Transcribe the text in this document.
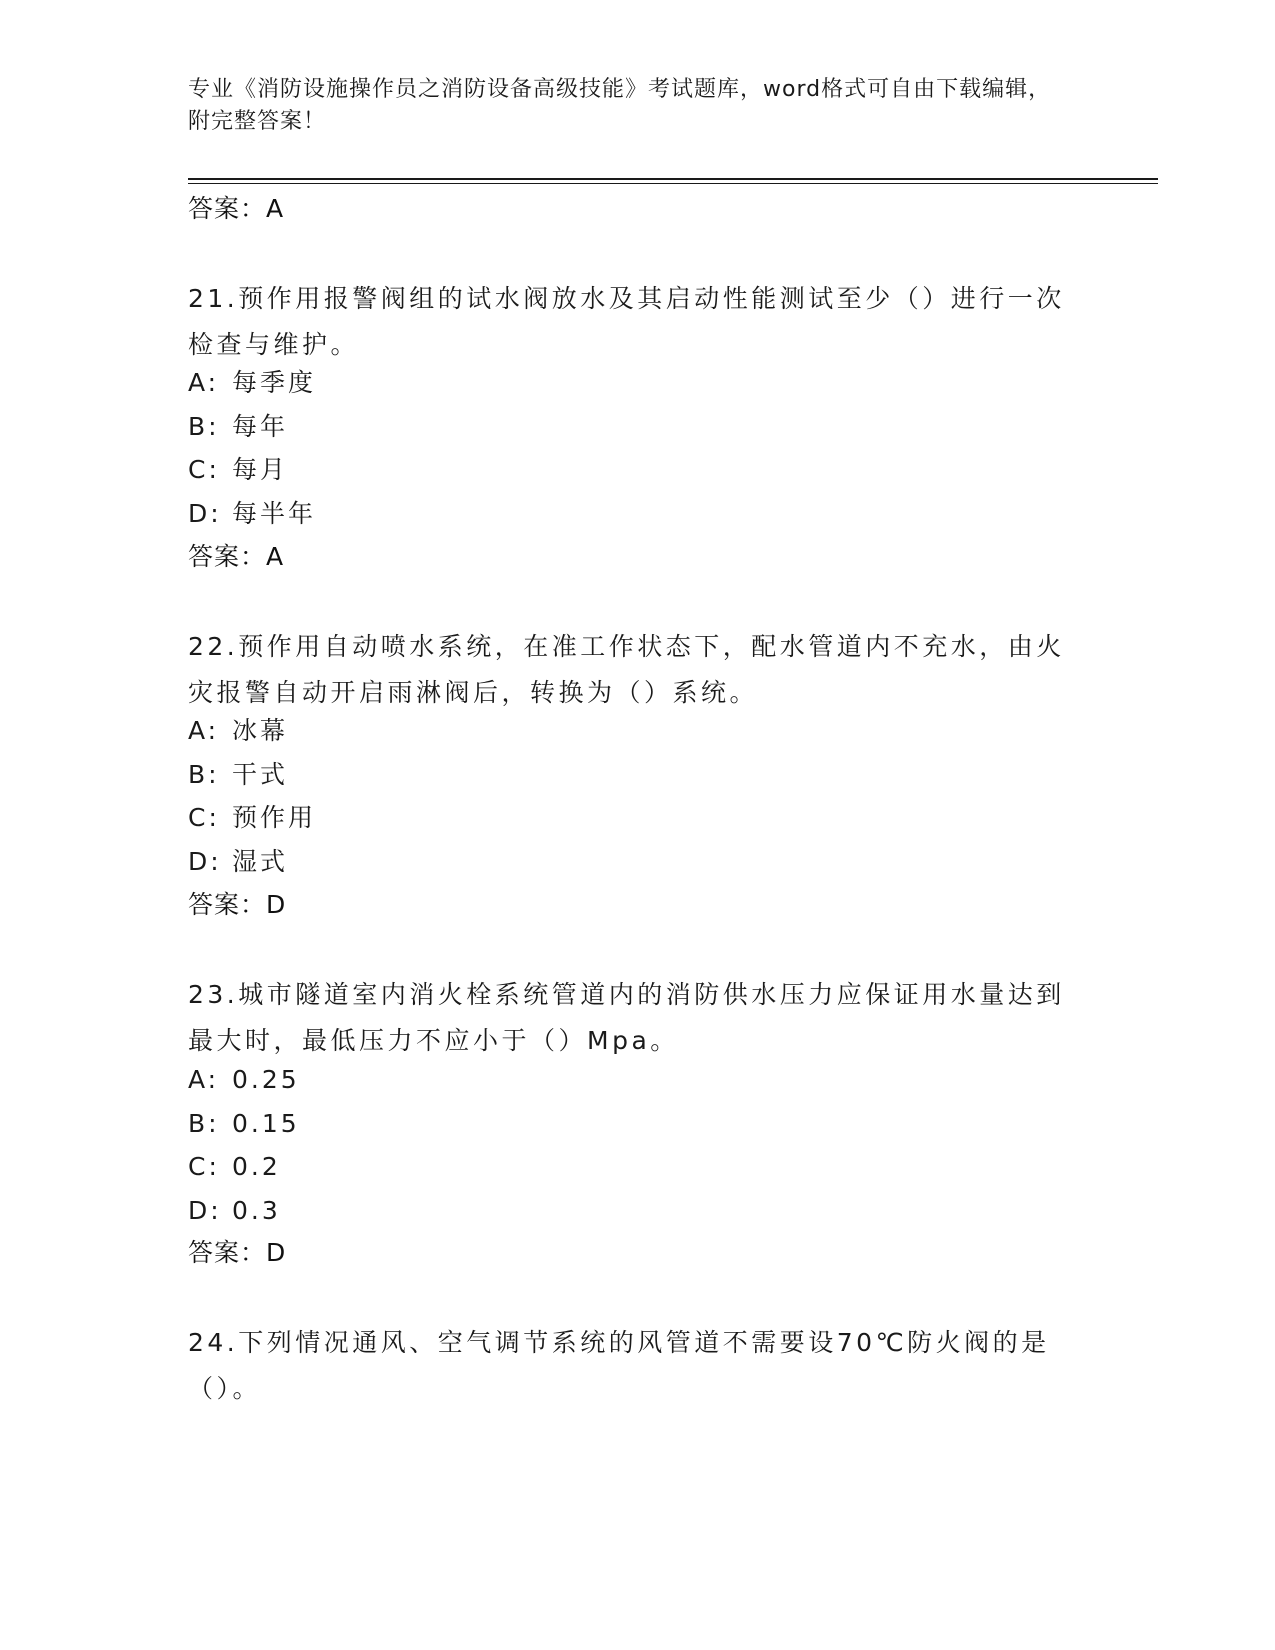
专业《消防设施操作员之消防设备高级技能》考试题库，word格式可自由下载编辑，附完整答案！

答案：A

21.预作用报警阀组的试水阀放水及其启动性能测试至少（）进行一次检查与维护。

A: 每季度

B: 每年

C: 每月

D: 每半年

答案：A

22.预作用自动喷水系统，在准工作状态下，配水管道内不充水，由火灾报警自动开启雨淋阀后，转换为（）系统。

A: 冰幕

B: 干式

C: 预作用

D: 湿式

答案：D

23.城市隧道室内消火栓系统管道内的消防供水压力应保证用水量达到最大时，最低压力不应小于（）Mpa。

A: 0.25

B: 0.15

C: 0.2

D: 0.3

答案：D

24.下列情况通风、空气调节系统的风管道不需要设70℃防火阀的是（）。
